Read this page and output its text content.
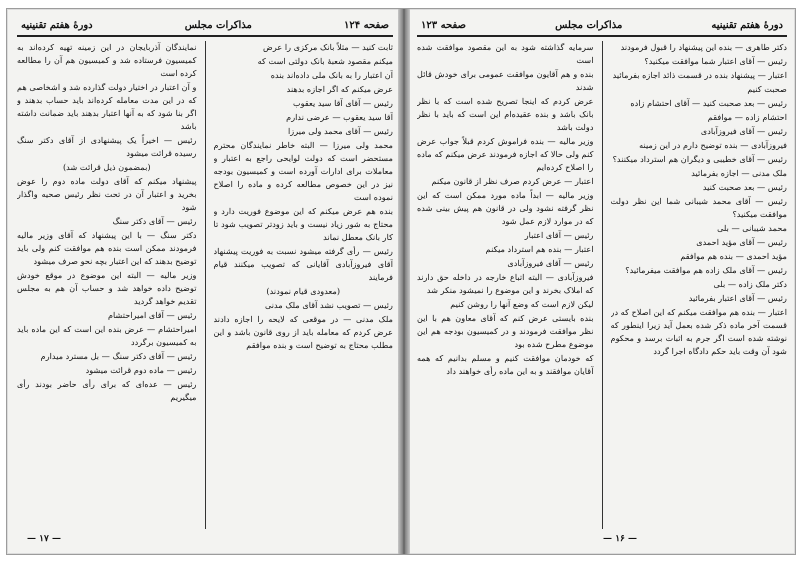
صفحه ۱۲۴
مذاکرات مجلس
دورهٔ هفتم تقنینیه

ثابت کنید — مثلاً بانک مرکزی را عرض

میکنم مقصود شعبهٔ بانک دولتی است که

آن اعتبار را به بانک ملی داده‌اند بنده

عرض میکنم که اگر اجازه بدهند

رئیس — آقای آقا سید یعقوب

آقا سید یعقوب — عرضی ندارم

رئیس — آقای محمد ولی میرزا

محمد ولی میرزا — البته خاطر نمایندگان محترم مستحضر است که دولت لوایحی راجع به اعتبار و معاملات برای ادارات آورده است و کمیسیون بودجه نیز در این خصوص مطالعه کرده و ماده را اصلاح نموده است

بنده هم عرض میکنم که این موضوع فوریت دارد و محتاج به شور زیاد نیست و باید زودتر تصویب شود تا کار بانک معطل نماند

رئیس — رأی گرفته میشود نسبت به فوریت پیشنهاد آقای فیروزآبادی آقایانی که تصویب میکنند قیام فرمایند

(معدودی قیام نمودند)

رئیس — تصویب نشد آقای ملک مدنی

ملک مدنی — در موقعی که لایحه را اجازه دادند عرض کردم که معامله باید از روی قانون باشد و این مطلب محتاج به توضیح است و بنده موافقم

نمایندگان آذربایجان در این زمینه تهیه کرده‌اند به کمیسیون فرستاده شد و کمیسیون هم آن را مطالعه کرده است

و آن اعتبار در اختیار دولت گذارده شد و اشخاصی هم که در این مدت معامله کرده‌اند باید حساب بدهند و اگر بنا شود که به آنها اعتبار بدهند باید ضمانت داشته باشد

رئیس — اخیراً یک پیشنهادی از آقای دکتر سنگ رسیده قرائت میشود

(بمضمون ذیل قرائت شد)

پیشنهاد میکنم که آقای دولت ماده دوم را عوض بخرید و اعتبار آن در تحت نظر رئیس صحیه واگذار شود

رئیس — آقای دکتر سنگ

دکتر سنگ — با این پیشنهاد که آقای وزیر مالیه فرمودند ممکن است بنده هم موافقت کنم ولی باید توضیح بدهند که این اعتبار بچه نحو صرف میشود

وزیر مالیه — البته این موضوع در موقع خودش توضیح داده خواهد شد و حساب آن هم به مجلس تقدیم خواهد گردید

رئیس — آقای امیراحتشام

امیراحتشام — عرض بنده این است که این ماده باید به کمیسیون برگردد

رئیس — آقای دکتر سنگ — بل مسترد میدارم

رئیس — ماده دوم قرائت میشود

رئیس — عده‌ای که برای رأی حاضر بودند رأی میگیریم

— ۱۷ —
دورهٔ هفتم تقنینیه
مذاکرات مجلس
صفحه ۱۲۳

دکتر طاهری — بنده این پیشنهاد را قبول فرمودند

رئیس — آقای اعتبار شما موافقت میکنید؟

اعتبار — پیشنهاد بنده در قسمت ذائد اجازه بفرمائید

صحبت کنیم

رئیس — بعد صحبت کنید — آقای احتشام زاده

احتشام زاده — موافقم

رئیس — آقای فیروزآبادی

فیروزآبادی — بنده توضیح دارم در این زمینه

رئیس — آقای خطیبی و دیگران هم استرداد میکنند؟

ملک مدنی — اجازه بفرمائید

رئیس — بعد صحبت کنید

رئیس — آقای محمد شیبانی شما این نظر دولت موافقت میکنید؟

محمد شیبانی — بلی

رئیس — آقای مؤید احمدی

مؤید احمدی — بنده هم موافقم

رئیس — آقای ملک زاده هم موافقت میفرمائید؟

دکتر ملک زاده — بلی

رئیس — آقای اعتبار بفرمائید

اعتبار — بنده هم موافقت میکنم که این اصلاح که در قسمت آخر ماده ذکر شده بعمل آید زیرا اینطور که نوشته شده است اگر جرم به اثبات برسد و محکوم شود آن وقت باید حکم دادگاه اجرا گردد

سرمایه گذاشته شود به این مقصود موافقت شده است

بنده و هم آقایون موافقت عمومی برای خودش قائل شدند

عرض کردم که اینجا تصریح شده است که با نظر بانک باشد و بنده عقیده‌ام این است که باید با نظر دولت باشد

وزیر مالیه — بنده فراموش کردم قبلاً جواب عرض کنم ولی حالا که اجازه فرمودند عرض میکنم که ماده را اصلاح کرده‌ایم

اعتبار — عرض کردم صرف نظر از قانون میکنم

وزیر مالیه — ابداً ماده مورد ممکن است که این نظر گرفته نشود ولی در قانون هم پیش بینی شده که در موارد لازم عمل شود

رئیس — آقای اعتبار

اعتبار — بنده هم استرداد میکنم

رئیس — آقای فیروزآبادی

فیروزآبادی — البته اتباع خارجه در داخله حق دارند که املاک بخرند و این موضوع را نمیشود منکر شد

لیکن لازم است که وضع آنها را روشن کنیم

بنده بایستی عرض کنم که آقای معاون هم با این نظر موافقت فرمودند و در کمیسیون بودجه هم این موضوع مطرح شده بود

که خودمان موافقت کنیم و مسلم بدانیم که همه آقایان موافقند و به این ماده رأی خواهند داد

— ۱۶ —
